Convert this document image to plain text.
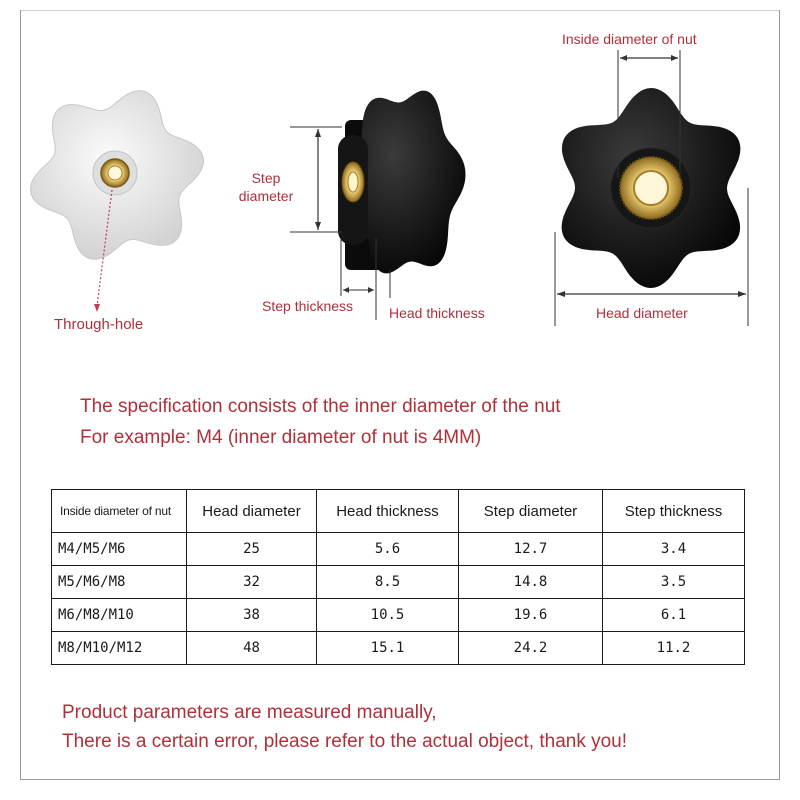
Through-hole
Step
diameter
Step thickness	Head thickness
Inside diameter of nut
Head diameter
The specification consists of the inner diameter of the nut
For example: M4 (inner diameter of nut is 4MM)
Inside diameter of nut	Head diameter	Head thickness	Step diameter	Step thickness
M4/M5/M6	25	5.6	12.7	3.4
M5/M6/M8	32	8.5	14.8	3.5
M6/M8/M10	38	10.5	19.6	6.1
M8/M10/M12	48	15.1	24.2	11.2
Product parameters are measured manually,
There is a certain error, please refer to the actual object, thank you!
